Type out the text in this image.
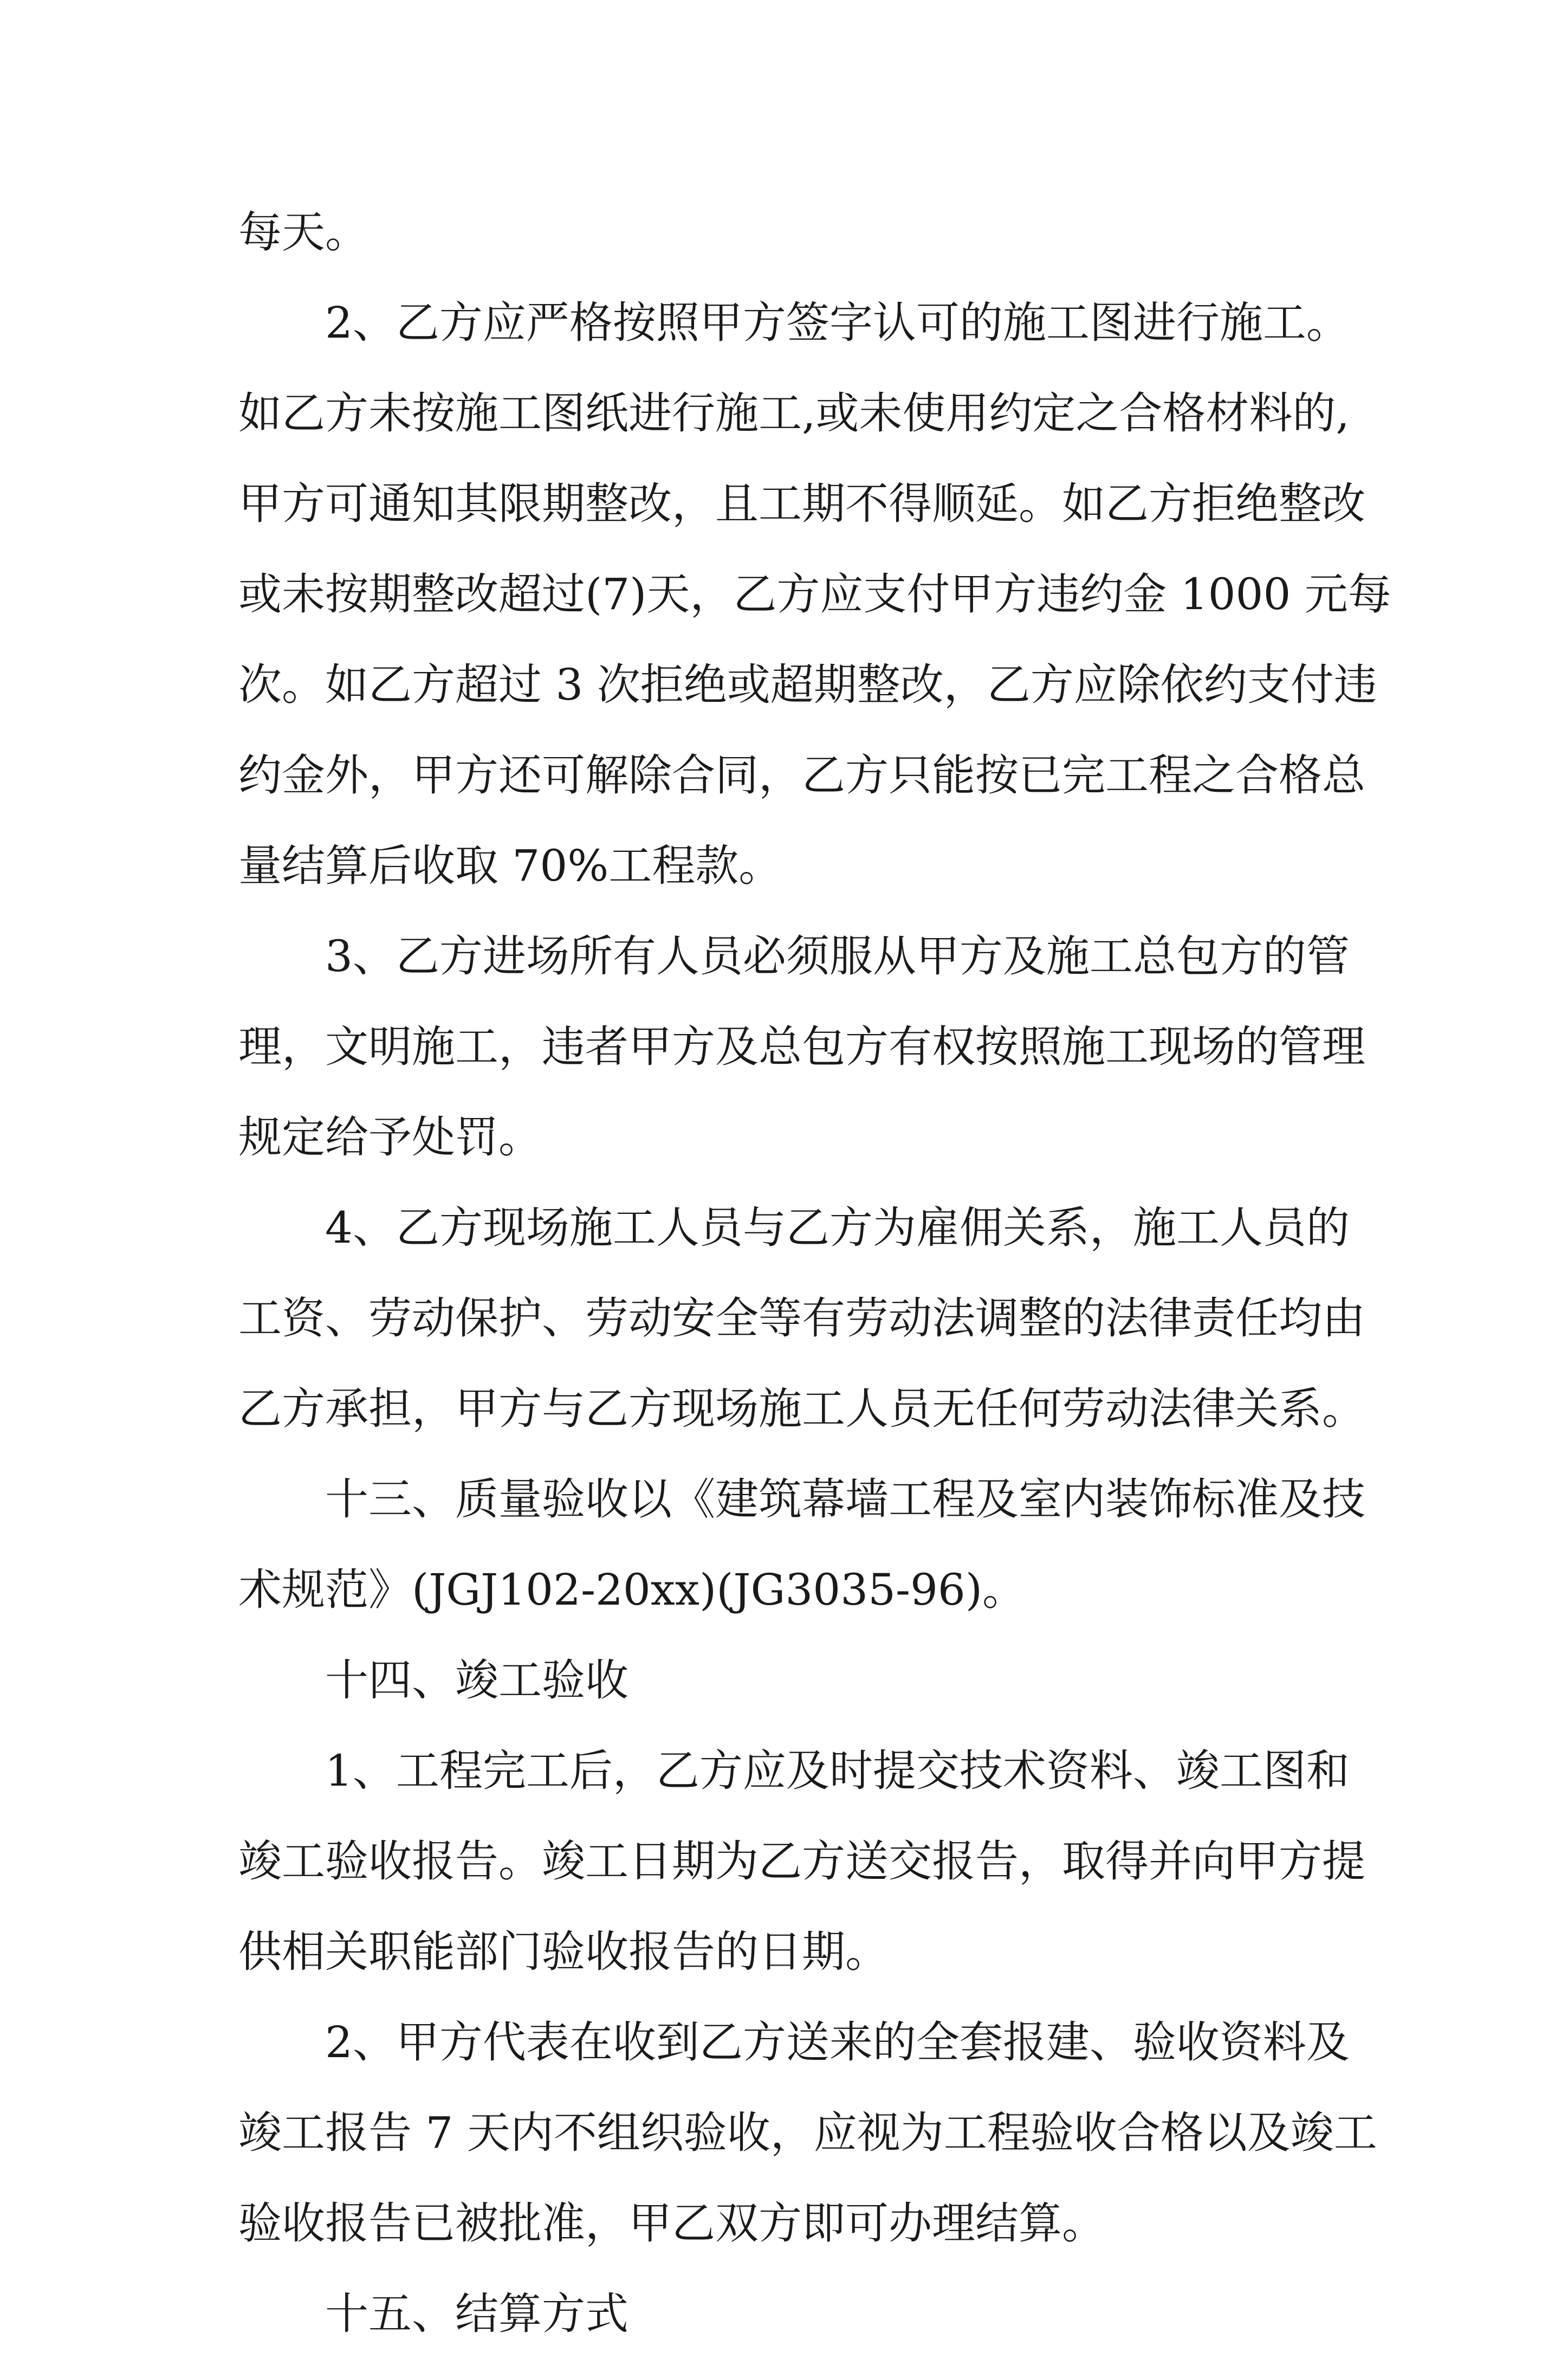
每天。
2、乙方应严格按照甲方签字认可的施工图进行施工。
如乙方未按施工图纸进行施工,或未使用约定之合格材料的,
甲方可通知其限期整改，且工期不得顺延。如乙方拒绝整改
或未按期整改超过(7)天，乙方应支付甲方违约金 1000 元每
次。如乙方超过 3 次拒绝或超期整改，乙方应除依约支付违
约金外，甲方还可解除合同，乙方只能按已完工程之合格总
量结算后收取 70%工程款。
3、乙方进场所有人员必须服从甲方及施工总包方的管
理，文明施工，违者甲方及总包方有权按照施工现场的管理
规定给予处罚。
4、乙方现场施工人员与乙方为雇佣关系，施工人员的
工资、劳动保护、劳动安全等有劳动法调整的法律责任均由
乙方承担，甲方与乙方现场施工人员无任何劳动法律关系。
十三、质量验收以《建筑幕墙工程及室内装饰标准及技
术规范》(JGJ102-20xx)(JG3035-96)。
十四、竣工验收
1、工程完工后，乙方应及时提交技术资料、竣工图和
竣工验收报告。竣工日期为乙方送交报告，取得并向甲方提
供相关职能部门验收报告的日期。
2、甲方代表在收到乙方送来的全套报建、验收资料及
竣工报告 7 天内不组织验收，应视为工程验收合格以及竣工
验收报告已被批准，甲乙双方即可办理结算。
十五、结算方式
